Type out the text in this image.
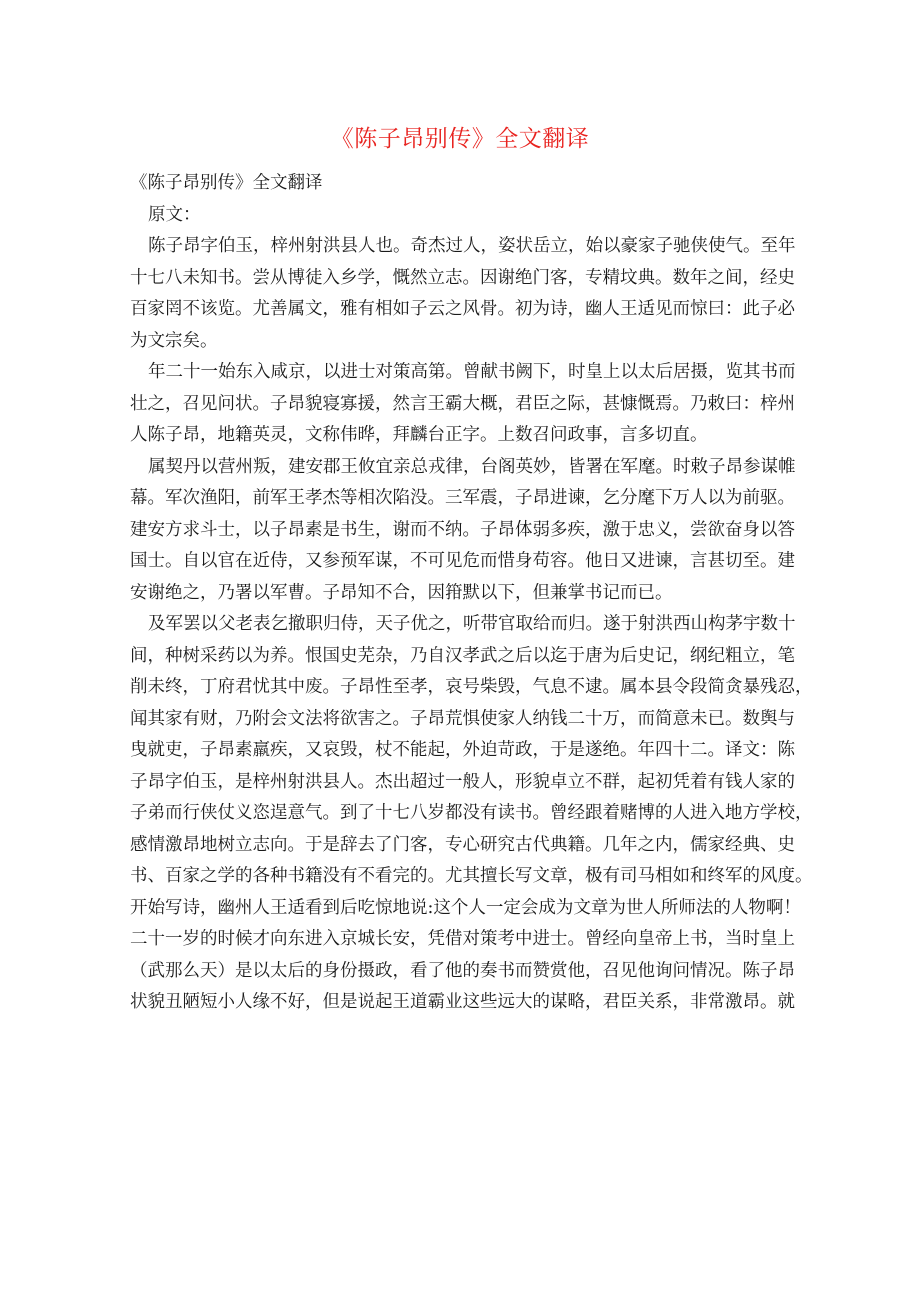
《陈子昂别传》全文翻译

《陈子昂别传》全文翻译

原文：

陈子昂字伯玉，梓州射洪县人也。奇杰过人，姿状岳立，始以豪家子驰侠使气。至年
十七八未知书。尝从博徒入乡学，慨然立志。因谢绝门客，专精坟典。数年之间，经史
百家罔不该览。尤善属文，雅有相如子云之风骨。初为诗，幽人王适见而惊曰：此子必
为文宗矣。

年二十一始东入咸京，以进士对策高第。曾献书阙下，时皇上以太后居摄，览其书而
壮之，召见问状。子昂貌寝寡援，然言王霸大概，君臣之际，甚慷慨焉。乃敕曰：梓州
人陈子昂，地籍英灵，文称伟晔，拜麟台正字。上数召问政事，言多切直。

属契丹以营州叛，建安郡王攸宜亲总戎律，台阁英妙，皆署在军麾。时敕子昂参谋帷
幕。军次渔阳，前军王孝杰等相次陷没。三军震，子昂进谏，乞分麾下万人以为前驱。
建安方求斗士，以子昂素是书生，谢而不纳。子昂体弱多疾，激于忠义，尝欲奋身以答
国士。自以官在近侍，又参预军谋，不可见危而惜身苟容。他日又进谏，言甚切至。建
安谢绝之，乃署以军曹。子昂知不合，因箝默以下，但兼掌书记而已。

及军罢以父老表乞撤职归侍，天子优之，听带官取给而归。遂于射洪西山构茅宇数十
间，种树采药以为养。恨国史芜杂，乃自汉孝武之后以迄于唐为后史记，纲纪粗立，笔
削未终，丁府君忧其中废。子昂性至孝，哀号柴毁，气息不逮。属本县令段简贪暴残忍，
闻其家有财，乃附会文法将欲害之。子昂荒惧使家人纳钱二十万，而简意未已。数舆与
曳就吏，子昂素羸疾，又哀毁，杖不能起，外迫苛政，于是遂绝。年四十二。译文：陈
子昂字伯玉，是梓州射洪县人。杰出超过一般人，形貌卓立不群，起初凭着有钱人家的
子弟而行侠仗义恣逞意气。到了十七八岁都没有读书。曾经跟着赌博的人进入地方学校，
感情激昂地树立志向。于是辞去了门客，专心研究古代典籍。几年之内，儒家经典、史
书、百家之学的各种书籍没有不看完的。尤其擅长写文章，极有司马相如和终军的风度。
开始写诗，幽州人王适看到后吃惊地说:这个人一定会成为文章为世人所师法的人物啊！
二十一岁的时候才向东进入京城长安，凭借对策考中进士。曾经向皇帝上书，当时皇上
（武那么天）是以太后的身份摄政，看了他的奏书而赞赏他，召见他询问情况。陈子昂
状貌丑陋短小人缘不好，但是说起王道霸业这些远大的谋略，君臣关系，非常激昂。就
